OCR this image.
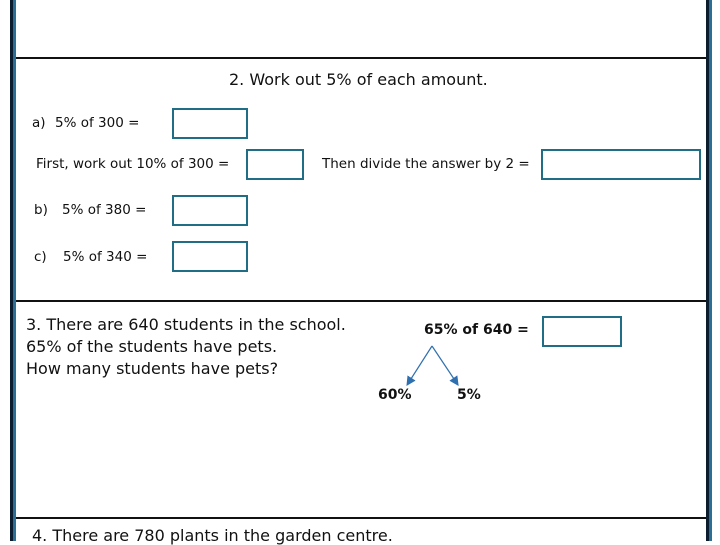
2. Work out 5% of each amount.
a) 5% of 300 =
First, work out 10% of 300 =	Then divide the answer by 2 =
b) 5% of 380 =
c) 5% of 340 =
3. There are 640 students in the school.
65% of the students have pets.
How many students have pets?
65% of 640 =
60%	5%
4. There are 780 plants in the garden centre.
